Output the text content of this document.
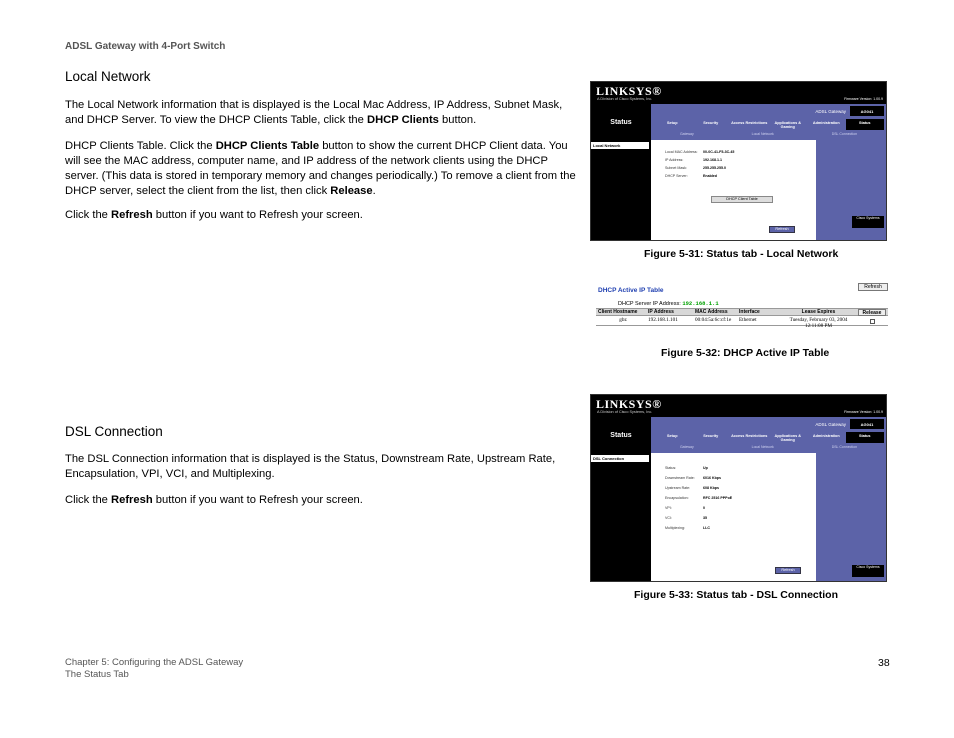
ADSL Gateway with 4-Port Switch
Local Network

The Local Network information that is displayed is the Local Mac Address, IP Address, Subnet Mask, and DHCP Server. To view the DHCP Clients Table, click the DHCP Clients button.

DHCP Clients Table. Click the DHCP Clients Table button to show the current DHCP Client data. You will see the MAC address, computer name, and IP address of the network clients using the DHCP server. (This data is stored in temporary memory and changes periodically.) To remove a client from the DHCP server, select the client from the list, then click Release.

Click the Refresh button if you want to Refresh your screen.

LINKSYS®
A Division of Cisco Systems, Inc.	Firmware Version: 1.00.9
Status
ADSL Gateway	AG041
Setup	Security	Access Restrictions	Applications & Gaming
Administration	Status
Gateway	Local Network	DSL Connection
Local Network
Local MAC Address:	00-0C-41-F5-3C-45
IP Address:	192.168.1.1
Subnet Mask:	255.255.255.0
DHCP Server:	Enabled
DHCP Client Table
Refresh
Cisco Systems
Figure 5-31: Status tab - Local Network
DHCP Active IP Table	Refresh
DHCP Server IP Address: 192.168.1.1
Client Hostname	IP Address	MAC Address	Interface	Lease Expires	Release
gbz	192.168.1.101	00:04:5a:6c:cf:1e	Ethernet	Tuesday, February 03, 2004 12:11:08 PM
Figure 5-32: DHCP Active IP Table
DSL Connection

The DSL Connection information that is displayed is the Status, Downstream Rate, Upstream Rate, Encapsulation, VPI, VCI, and Multiplexing.

Click the Refresh button if you want to Refresh your screen.

LINKSYS®
A Division of Cisco Systems, Inc.	Firmware Version: 1.00.9
Status
ADSL Gateway	AG041
Setup	Security	Access Restrictions	Applications & Gaming
Administration	Status
Gateway	Local Network	DSL Connection
DSL Connection
Status:	Up
Downstream Rate:	6016 Kbps
Upstream Rate:	608 Kbps
Encapsulation:	RFC 2516 PPPoE
VPI:	0
VCI:	35
Multiplexing:	LLC
Refresh
Cisco Systems
Figure 5-33: Status tab - DSL Connection
Chapter 5: Configuring the ADSL Gateway
The Status Tab
38
